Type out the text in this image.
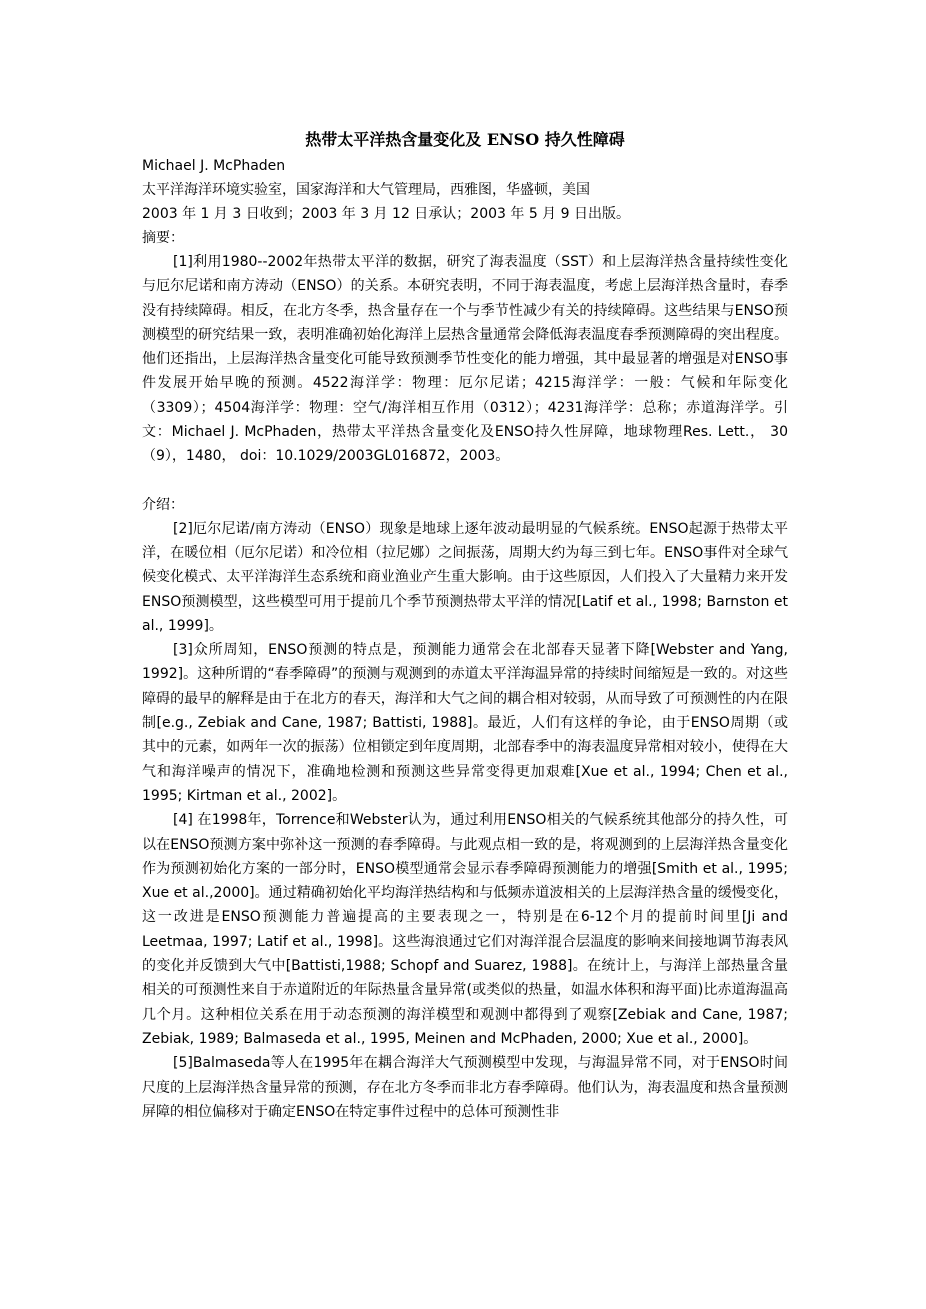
热带太平洋热含量变化及 ENSO 持久性障碍

Michael J. McPhaden

太平洋海洋环境实验室，国家海洋和大气管理局，西雅图，华盛顿，美国

2003 年 1 月 3 日收到；2003 年 3 月 12 日承认；2003 年 5 月 9 日出版。

摘要：

[1]利用1980--2002年热带太平洋的数据，研究了海表温度（SST）和上层海洋热含量持续性变化与厄尔尼诺和南方涛动（ENSO）的关系。本研究表明，不同于海表温度，考虑上层海洋热含量时，春季没有持续障碍。相反，在北方冬季，热含量存在一个与季节性减少有关的持续障碍。这些结果与ENSO预测模型的研究结果一致，表明准确初始化海洋上层热含量通常会降低海表温度春季预测障碍的突出程度。他们还指出，上层海洋热含量变化可能导致预测季节性变化的能力增强，其中最显著的增强是对ENSO事件发展开始早晚的预测。4522海洋学：物理：厄尔尼诺；4215海洋学：一般：气候和年际变化（3309）；4504海洋学：物理：空气/海洋相互作用（0312）；4231海洋学：总称；赤道海洋学。引文：Michael J. McPhaden，热带太平洋热含量变化及ENSO持久性屏障，地球物理Res. Lett.， 30（9），1480， doi：10.1029/2003GL016872，2003。

介绍：

[2]厄尔尼诺/南方涛动（ENSO）现象是地球上逐年波动最明显的气候系统。ENSO起源于热带太平洋，在暖位相（厄尔尼诺）和冷位相（拉尼娜）之间振荡，周期大约为每三到七年。ENSO事件对全球气候变化模式、太平洋海洋生态系统和商业渔业产生重大影响。由于这些原因，人们投入了大量精力来开发ENSO预测模型，这些模型可用于提前几个季节预测热带太平洋的情况[Latif et al., 1998; Barnston et al., 1999]。

[3]众所周知，ENSO预测的特点是，预测能力通常会在北部春天显著下降[Webster and Yang, 1992]。这种所谓的“春季障碍”的预测与观测到的赤道太平洋海温异常的持续时间缩短是一致的。对这些障碍的最早的解释是由于在北方的春天，海洋和大气之间的耦合相对较弱，从而导致了可预测性的内在限制[e.g., Zebiak and Cane, 1987; Battisti, 1988]。最近，人们有这样的争论，由于ENSO周期（或其中的元素，如两年一次的振荡）位相锁定到年度周期，北部春季中的海表温度异常相对较小，使得在大气和海洋噪声的情况下，准确地检测和预测这些异常变得更加艰难[Xue et al., 1994; Chen et al., 1995; Kirtman et al., 2002]。

[4] 在1998年，Torrence和Webster认为，通过利用ENSO相关的气候系统其他部分的持久性，可以在ENSO预测方案中弥补这一预测的春季障碍。与此观点相一致的是，将观测到的上层海洋热含量变化作为预测初始化方案的一部分时，ENSO模型通常会显示春季障碍预测能力的增强[Smith et al., 1995; Xue et al.,2000]。通过精确初始化平均海洋热结构和与低频赤道波相关的上层海洋热含量的缓慢变化，这一改进是ENSO预测能力普遍提高的主要表现之一，特别是在6-12个月的提前时间里[Ji and Leetmaa, 1997; Latif et al., 1998]。这些海浪通过它们对海洋混合层温度的影响来间接地调节海表风的变化并反馈到大气中[Battisti,1988; Schopf and Suarez, 1988]。在统计上，与海洋上部热量含量相关的可预测性来自于赤道附近的年际热量含量异常(或类似的热量，如温水体积和海平面)比赤道海温高几个月。这种相位关系在用于动态预测的海洋模型和观测中都得到了观察[Zebiak and Cane, 1987; Zebiak, 1989; Balmaseda et al., 1995, Meinen and McPhaden, 2000; Xue et al., 2000]。

[5]Balmaseda等人在1995年在耦合海洋大气预测模型中发现，与海温异常不同，对于ENSO时间尺度的上层海洋热含量异常的预测，存在北方冬季而非北方春季障碍。他们认为，海表温度和热含量预测屏障的相位偏移对于确定ENSO在特定事件过程中的总体可预测性非
